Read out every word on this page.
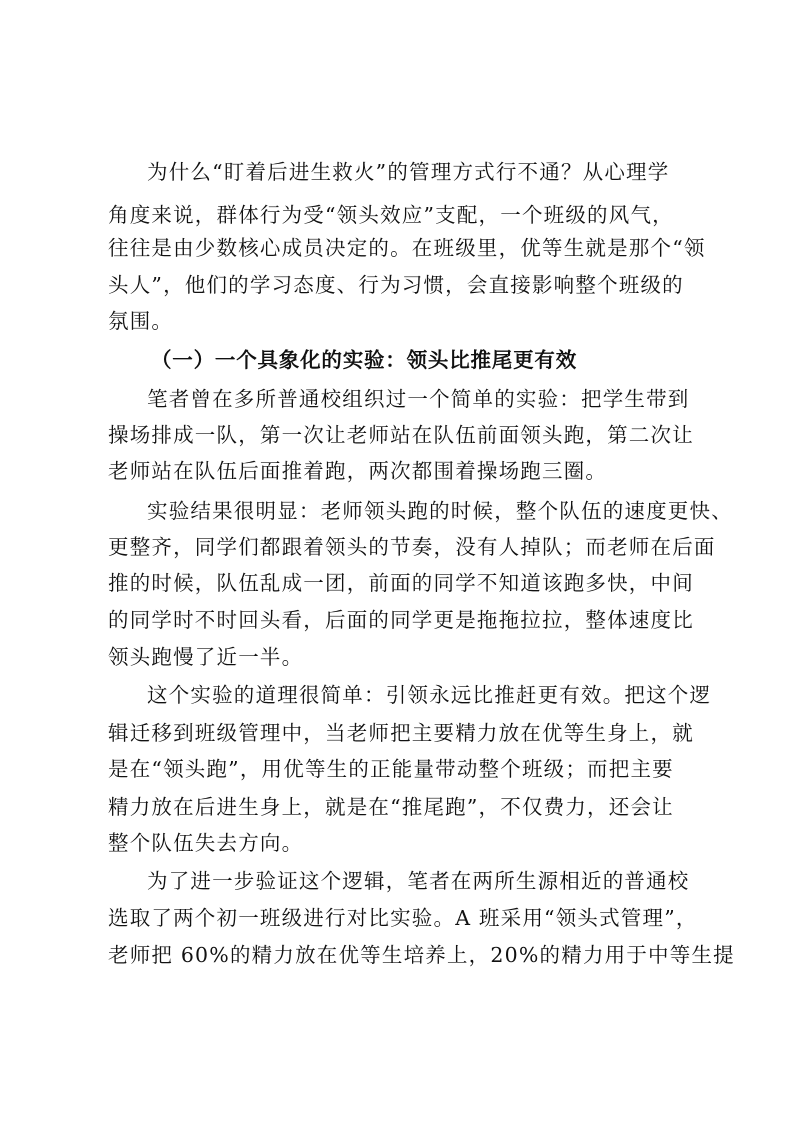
为什么“盯着后进生救火”的管理方式行不通？从心理学

角度来说，群体行为受“领头效应”支配，一个班级的风气，

往往是由少数核心成员决定的。在班级里，优等生就是那个“领

头人”，他们的学习态度、行为习惯，会直接影响整个班级的

氛围。

（一）一个具象化的实验：领头比推尾更有效

笔者曾在多所普通校组织过一个简单的实验：把学生带到

操场排成一队，第一次让老师站在队伍前面领头跑，第二次让

老师站在队伍后面推着跑，两次都围着操场跑三圈。

实验结果很明显：老师领头跑的时候，整个队伍的速度更快、

更整齐，同学们都跟着领头的节奏，没有人掉队；而老师在后面

推的时候，队伍乱成一团，前面的同学不知道该跑多快，中间

的同学时不时回头看，后面的同学更是拖拖拉拉，整体速度比

领头跑慢了近一半。

这个实验的道理很简单：引领永远比推赶更有效。把这个逻

辑迁移到班级管理中，当老师把主要精力放在优等生身上，就

是在“领头跑”，用优等生的正能量带动整个班级；而把主要

精力放在后进生身上，就是在“推尾跑”，不仅费力，还会让

整个队伍失去方向。

为了进一步验证这个逻辑，笔者在两所生源相近的普通校

选取了两个初一班级进行对比实验。A 班采用“领头式管理”，

老师把 60%的精力放在优等生培养上，20%的精力用于中等生提
